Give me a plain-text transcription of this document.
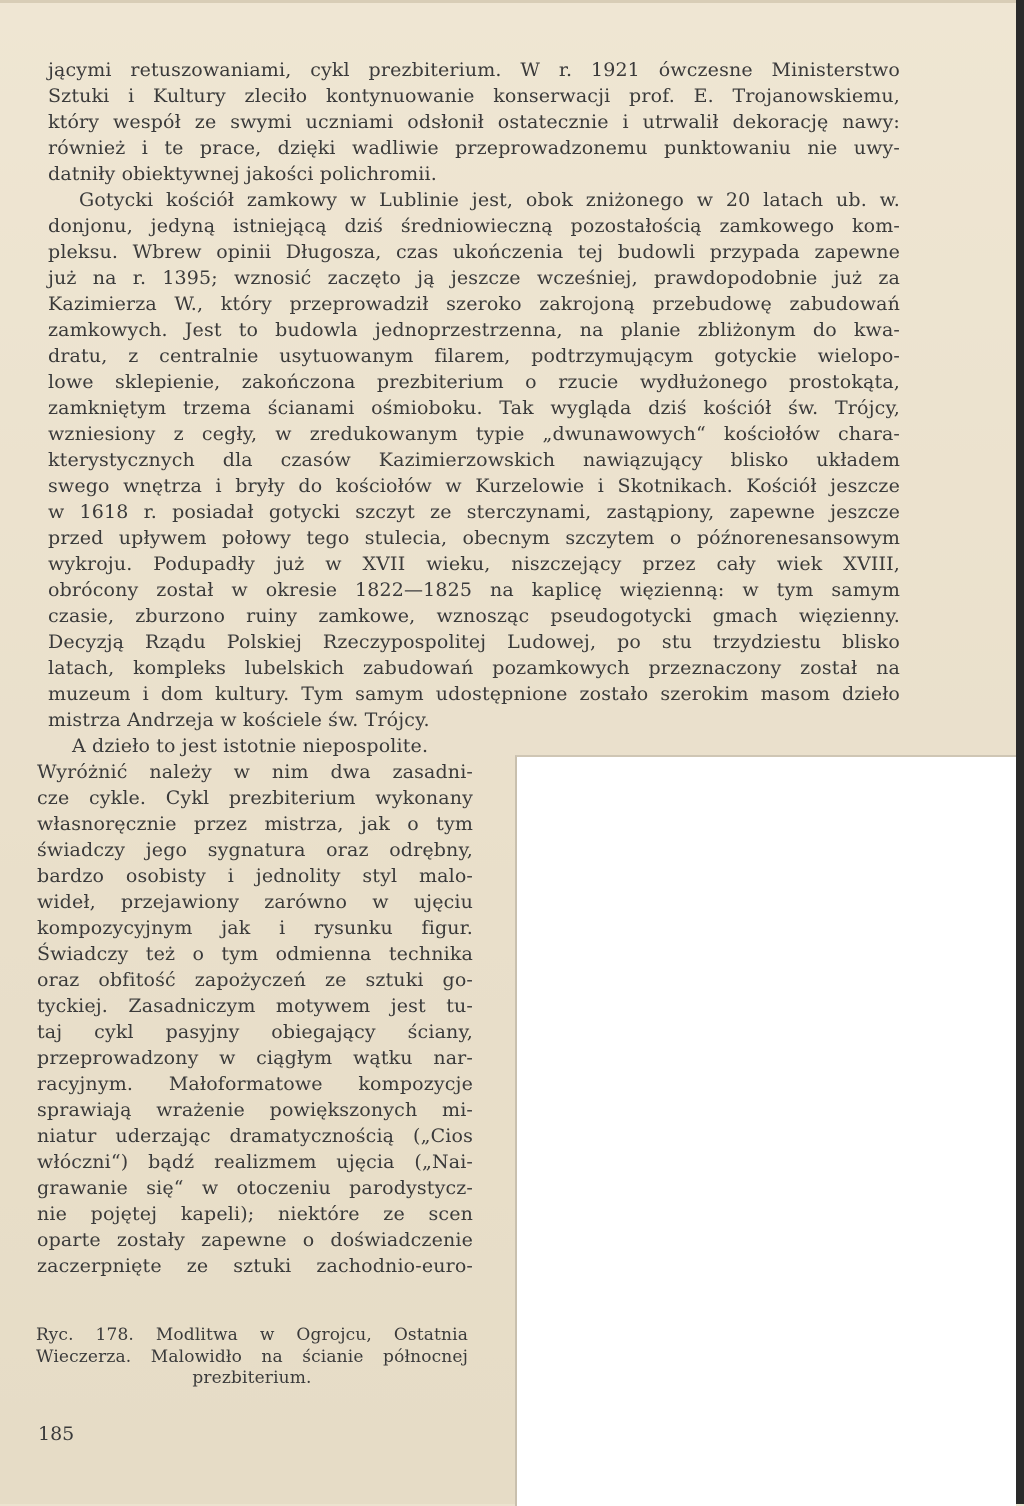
jącymi retuszowaniami, cykl prezbiterium. W r. 1921 ówczesne Ministerstwo

Sztuki i Kultury zleciło kontynuowanie konserwacji prof. E. Trojanowskiemu,

który wespół ze swymi uczniami odsłonił ostatecznie i utrwalił dekorację nawy:

również i te prace, dzięki wadliwie przeprowadzonemu punktowaniu nie uwy-

datniły obiektywnej jakości polichromii.

Gotycki kościół zamkowy w Lublinie jest, obok zniżonego w 20 latach ub. w.

donjonu, jedyną istniejącą dziś średniowieczną pozostałością zamkowego kom-

pleksu. Wbrew opinii Długosza, czas ukończenia tej budowli przypada zapewne

już na r. 1395; wznosić zaczęto ją jeszcze wcześniej, prawdopodobnie już za

Kazimierza W., który przeprowadził szeroko zakrojoną przebudowę zabudowań

zamkowych. Jest to budowla jednoprzestrzenna, na planie zbliżonym do kwa-

dratu, z centralnie usytuowanym filarem, podtrzymującym gotyckie wielopo-

lowe sklepienie, zakończona prezbiterium o rzucie wydłużonego prostokąta,

zamkniętym trzema ścianami ośmioboku. Tak wygląda dziś kościół św. Trójcy,

wzniesiony z cegły, w zredukowanym typie „dwunawowych“ kościołów chara-

kterystycznych dla czasów Kazimierzowskich nawiązujący blisko układem

swego wnętrza i bryły do kościołów w Kurzelowie i Skotnikach. Kościół jeszcze

w 1618 r. posiadał gotycki szczyt ze sterczynami, zastąpiony, zapewne jeszcze

przed upływem połowy tego stulecia, obecnym szczytem o późnorenesansowym

wykroju. Podupadły już w XVII wieku, niszczejący przez cały wiek XVIII,

obrócony został w okresie 1822—1825 na kaplicę więzienną: w tym samym

czasie, zburzono ruiny zamkowe, wznosząc pseudogotycki gmach więzienny.

Decyzją Rządu Polskiej Rzeczypospolitej Ludowej, po stu trzydziestu blisko

latach, kompleks lubelskich zabudowań pozamkowych przeznaczony został na

muzeum i dom kultury. Tym samym udostępnione zostało szerokim masom dzieło

mistrza Andrzeja w kościele św. Trójcy.

A dzieło to jest istotnie niepospolite.

Wyróżnić należy w nim dwa zasadni-

cze cykle. Cykl prezbiterium wykonany

własnoręcznie przez mistrza, jak o tym

świadczy jego sygnatura oraz odrębny,

bardzo osobisty i jednolity styl malo-

wideł, przejawiony zarówno w ujęciu

kompozycyjnym jak i rysunku figur.

Świadczy też o tym odmienna technika

oraz obfitość zapożyczeń ze sztuki go-

tyckiej. Zasadniczym motywem jest tu-

taj cykl pasyjny obiegający ściany,

przeprowadzony w ciągłym wątku nar-

racyjnym. Małoformatowe kompozycje

sprawiają wrażenie powiększonych mi-

niatur uderzając dramatycznością („Cios

włóczni“) bądź realizmem ujęcia („Nai-

grawanie się“ w otoczeniu parodystycz-

nie pojętej kapeli); niektóre ze scen

oparte zostały zapewne o doświadczenie

zaczerpnięte ze sztuki zachodnio-euro-

Ryc. 178. Modlitwa w Ogrojcu, Ostatnia

Wieczerza. Malowidło na ścianie północnej

prezbiterium.

185
